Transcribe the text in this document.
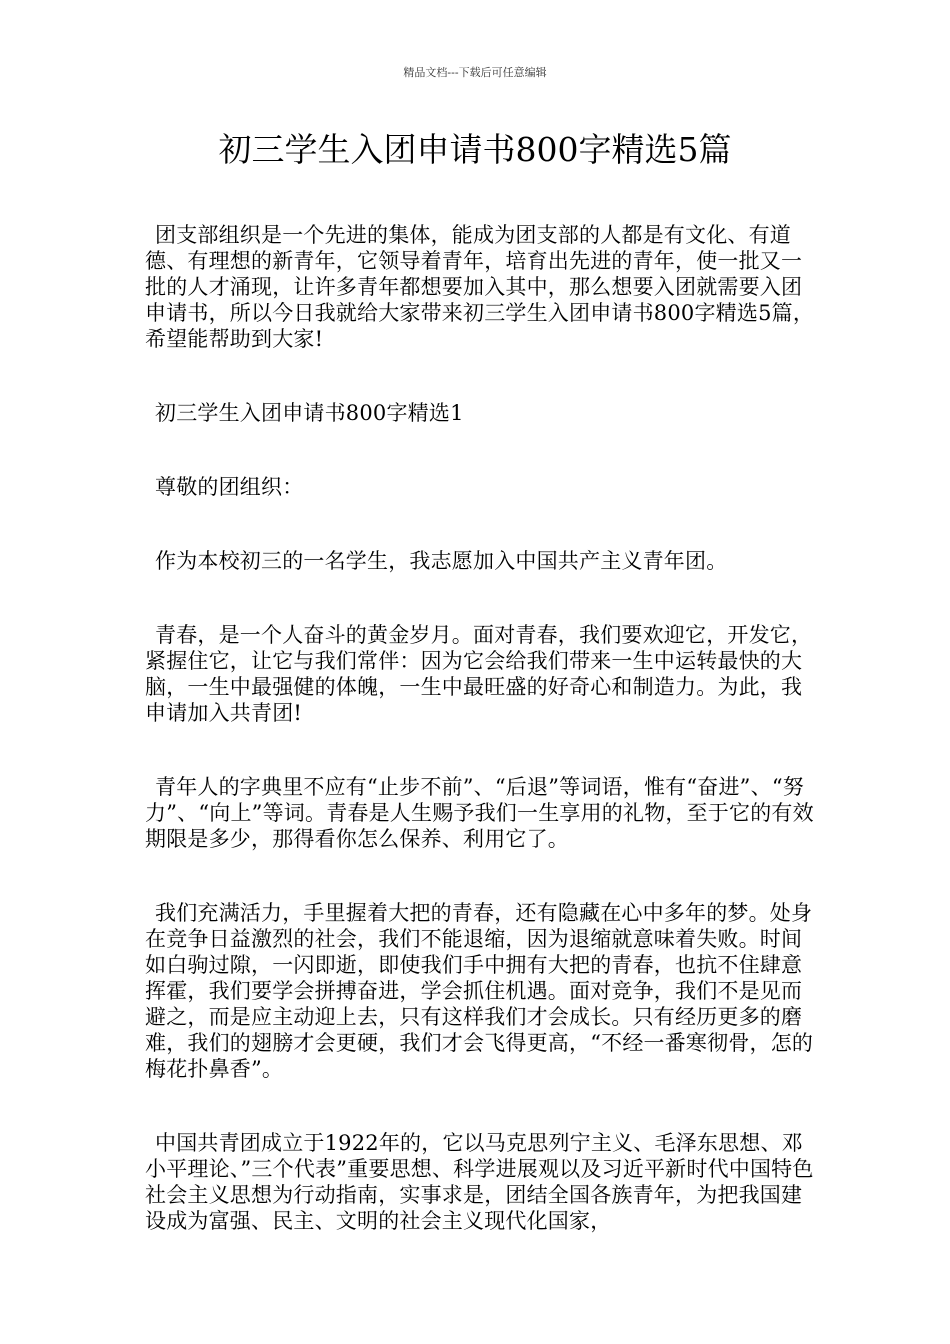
精品文档---下载后可任意编辑
初三学生入团申请书800字精选5篇

团支部组织是一个先进的集体，能成为团支部的人都是有文化、有道德、有理想的新青年，它领导着青年，培育出先进的青年，使一批又一批的人才涌现，让许多青年都想要加入其中，那么想要入团就需要入团申请书，所以今日我就给大家带来初三学生入团申请书800字精选5篇，希望能帮助到大家!

初三学生入团申请书800字精选1

尊敬的团组织：

作为本校初三的一名学生，我志愿加入中国共产主义青年团。

青春，是一个人奋斗的黄金岁月。面对青春，我们要欢迎它，开发它，紧握住它，让它与我们常伴：因为它会给我们带来一生中运转最快的大脑，一生中最强健的体魄，一生中最旺盛的好奇心和制造力。为此，我申请加入共青团!

青年人的字典里不应有“止步不前”、“后退”等词语，惟有“奋进”、“努力”、“向上”等词。青春是人生赐予我们一生享用的礼物，至于它的有效期限是多少，那得看你怎么保养、利用它了。

我们充满活力，手里握着大把的青春，还有隐藏在心中多年的梦。处身在竞争日益激烈的社会，我们不能退缩，因为退缩就意味着失败。时间如白驹过隙，一闪即逝，即使我们手中拥有大把的青春，也抗不住肆意挥霍，我们要学会拼搏奋进，学会抓住机遇。面对竞争，我们不是见而避之，而是应主动迎上去，只有这样我们才会成长。只有经历更多的磨难，我们的翅膀才会更硬，我们才会飞得更高，“不经一番寒彻骨，怎的梅花扑鼻香”。

中国共青团成立于1922年的，它以马克思列宁主义、毛泽东思想、邓小平理论、”三个代表”重要思想、科学进展观以及习近平新时代中国特色社会主义思想为行动指南，实事求是，团结全国各族青年，为把我国建设成为富强、民主、文明的社会主义现代化国家，
